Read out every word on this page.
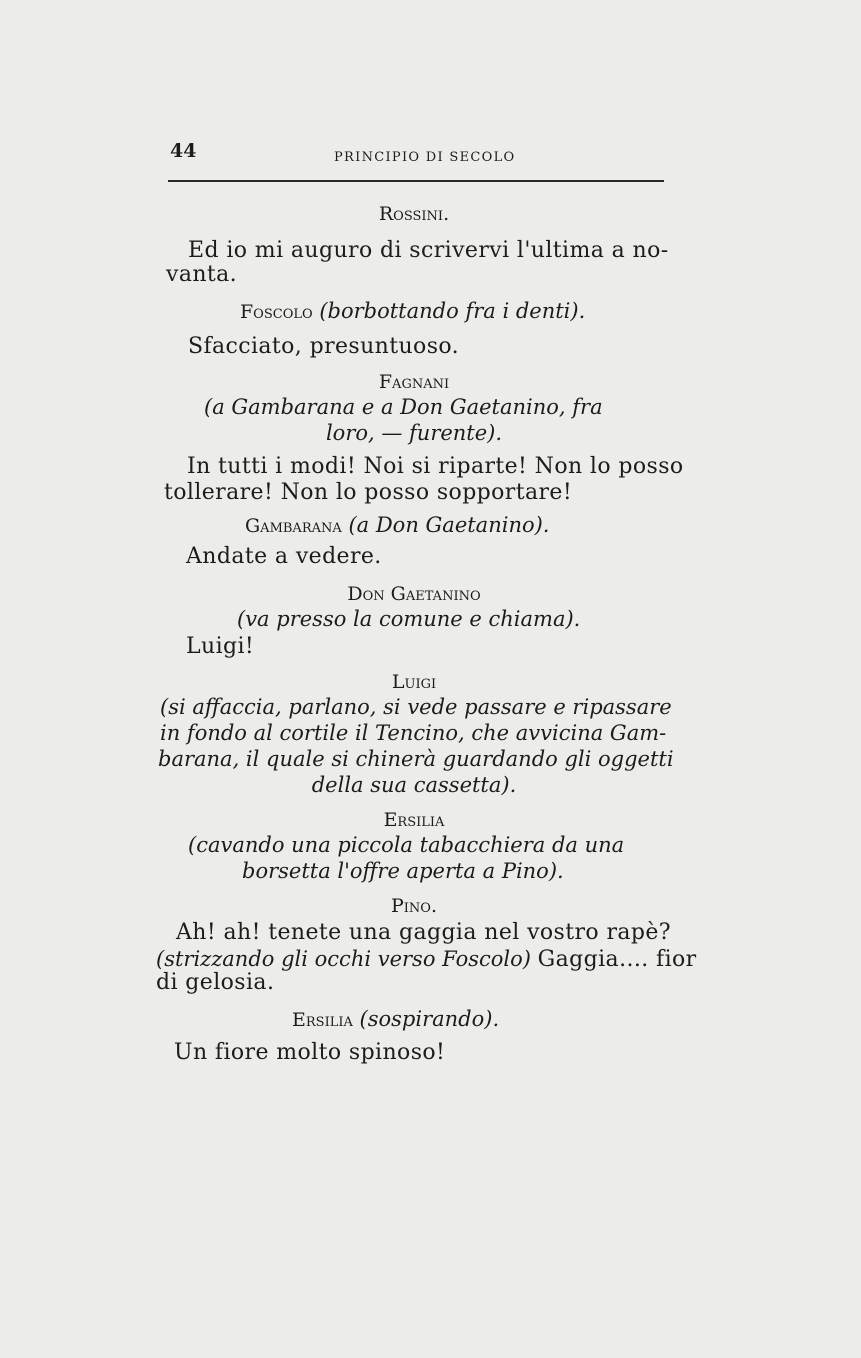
44	PRINCIPIO DI SECOLO
Rossini.
Ed io mi auguro di scrivervi l'ultima a no-
vanta.
Foscolo (borbottando fra i denti).
Sfacciato, presuntuoso.
Fagnani
(a Gambarana e a Don Gaetanino, fra
loro, — furente).
In tutti i modi! Noi si riparte! Non lo posso
tollerare! Non lo posso sopportare!
Gambarana (a Don Gaetanino).
Andate a vedere.
Don Gaetanino
(va presso la comune e chiama).
Luigi!
Luigi
(si affaccia, parlano, si vede passare e ripassare
in fondo al cortile il Tencino, che avvicina Gam-
barana, il quale si chinerà guardando gli oggetti
della sua cassetta).
Ersilia
(cavando una piccola tabacchiera da una
borsetta l'offre aperta a Pino).
Pino.
Ah! ah! tenete una gaggia nel vostro rapè?
(strizzando gli occhi verso Foscolo) Gaggia.... fior
di gelosia.
Ersilia (sospirando).
Un fiore molto spinoso!
